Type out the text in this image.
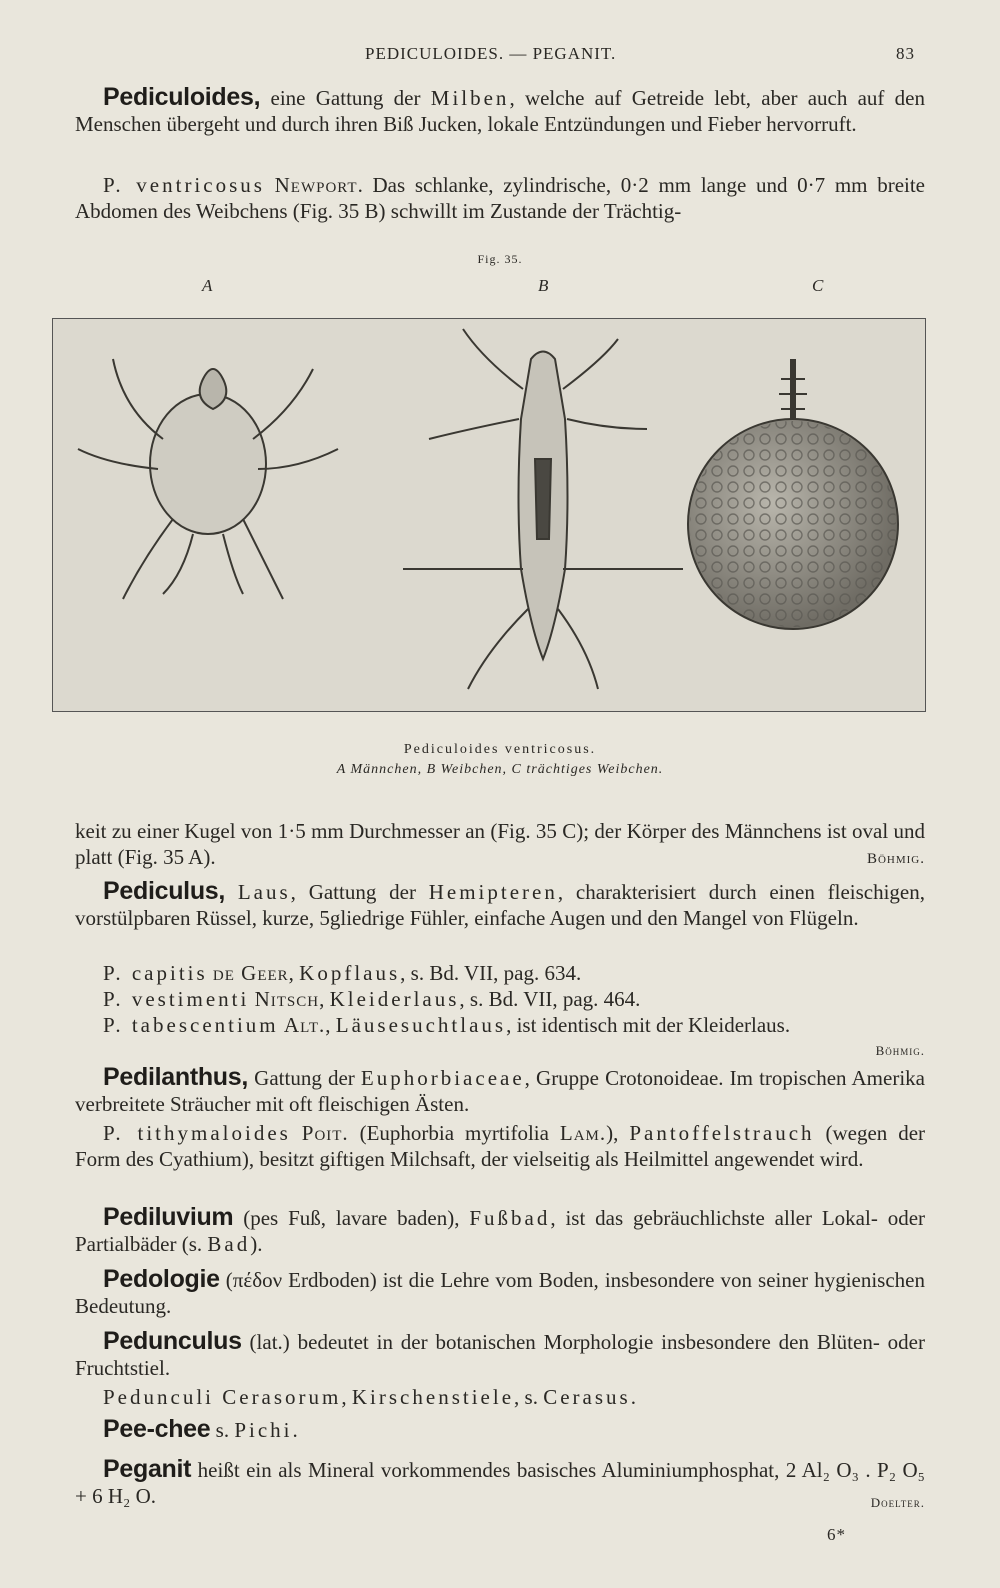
PEDICULOIDES. — PEGANIT.	83
Pediculoides, eine Gattung der Milben, welche auf Getreide lebt, aber auch auf den Menschen übergeht und durch ihren Biß Jucken, lokale Entzündungen und Fieber hervorruft.
P. ventricosus Newport. Das schlanke, zylindrische, 0·2 mm lange und 0·7 mm breite Abdomen des Weibchens (Fig. 35 B) schwillt im Zustande der Trächtig-
Fig. 35.
A	B	C
Pediculoides ventricosus.
A Männchen, B Weibchen, C trächtiges Weibchen.
keit zu einer Kugel von 1·5 mm Durchmesser an (Fig. 35 C); der Körper des Männchens ist oval und platt (Fig. 35 A).	Böhmig.
Pediculus, Laus, Gattung der Hemipteren, charakterisiert durch einen fleischigen, vorstülpbaren Rüssel, kurze, 5gliedrige Fühler, einfache Augen und den Mangel von Flügeln.
P. capitis de Geer, Kopflaus, s. Bd. VII, pag. 634.
P. vestimenti Nitsch, Kleiderlaus, s. Bd. VII, pag. 464.
P. tabescentium Alt., Läusesuchtlaus, ist identisch mit der Kleiderlaus.
Böhmig.
Pedilanthus, Gattung der Euphorbiaceae, Gruppe Crotonoideae. Im tropischen Amerika verbreitete Sträucher mit oft fleischigen Ästen.
P. tithymaloides Poit. (Euphorbia myrtifolia Lam.), Pantoffelstrauch (wegen der Form des Cyathium), besitzt giftigen Milchsaft, der vielseitig als Heilmittel angewendet wird.
Pediluvium (pes Fuß, lavare baden), Fußbad, ist das gebräuchlichste aller Lokal- oder Partialbäder (s. Bad).
Pedologie (πέδον Erdboden) ist die Lehre vom Boden, insbesondere von seiner hygienischen Bedeutung.
Pedunculus (lat.) bedeutet in der botanischen Morphologie insbesondere den Blüten- oder Fruchtstiel.
Pedunculi Cerasorum, Kirschenstiele, s. Cerasus.
Pee-chee s. Pichi.
Peganit heißt ein als Mineral vorkommendes basisches Aluminiumphosphat, 2 Al₂ O₃ . P₂ O₅ + 6 H₂ O.	Doelter.
6*
